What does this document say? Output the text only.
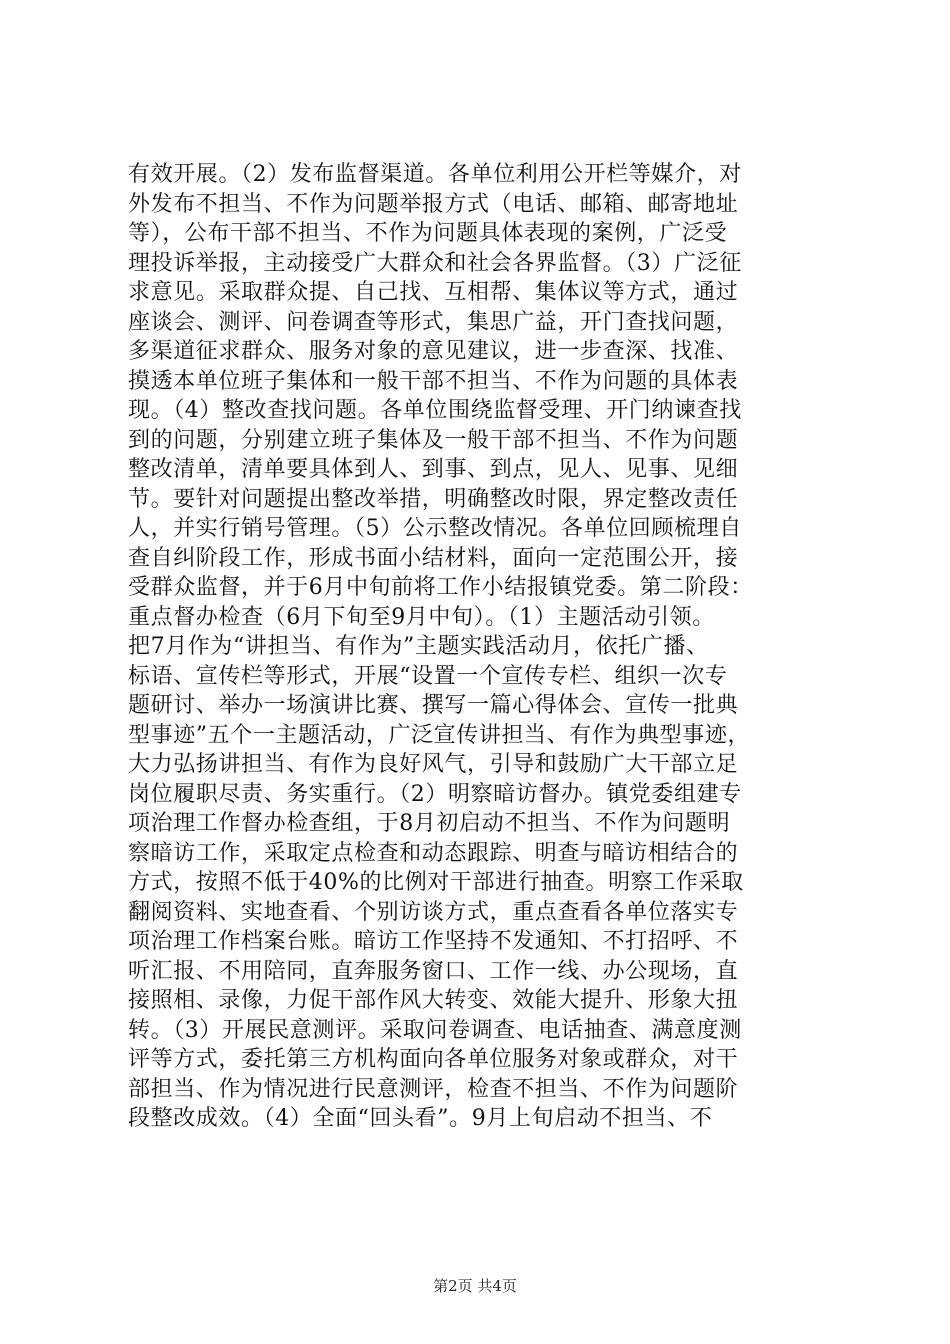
有效开展。（2）发布监督渠道。各单位利用公开栏等媒介，对
外发布不担当、不作为问题举报方式（电话、邮箱、邮寄地址
等），公布干部不担当、不作为问题具体表现的案例，广泛受
理投诉举报，主动接受广大群众和社会各界监督。（3）广泛征
求意见。采取群众提、自己找、互相帮、集体议等方式，通过
座谈会、测评、问卷调查等形式，集思广益，开门查找问题，
多渠道征求群众、服务对象的意见建议，进一步查深、找准、
摸透本单位班子集体和一般干部不担当、不作为问题的具体表
现。（4）整改查找问题。各单位围绕监督受理、开门纳谏查找
到的问题，分别建立班子集体及一般干部不担当、不作为问题
整改清单，清单要具体到人、到事、到点，见人、见事、见细
节。要针对问题提出整改举措，明确整改时限，界定整改责任
人，并实行销号管理。（5）公示整改情况。各单位回顾梳理自
查自纠阶段工作，形成书面小结材料，面向一定范围公开，接
受群众监督，并于6月中旬前将工作小结报镇党委。第二阶段：
重点督办检查（6月下旬至9月中旬）。（1）主题活动引领。
把7月作为“讲担当、有作为”主题实践活动月，依托广播、
标语、宣传栏等形式，开展“设置一个宣传专栏、组织一次专
题研讨、举办一场演讲比赛、撰写一篇心得体会、宣传一批典
型事迹”五个一主题活动，广泛宣传讲担当、有作为典型事迹，
大力弘扬讲担当、有作为良好风气，引导和鼓励广大干部立足
岗位履职尽责、务实重行。（2）明察暗访督办。镇党委组建专
项治理工作督办检查组，于8月初启动不担当、不作为问题明
察暗访工作，采取定点检查和动态跟踪、明查与暗访相结合的
方式，按照不低于40%的比例对干部进行抽查。明察工作采取
翻阅资料、实地查看、个别访谈方式，重点查看各单位落实专
项治理工作档案台账。暗访工作坚持不发通知、不打招呼、不
听汇报、不用陪同，直奔服务窗口、工作一线、办公现场，直
接照相、录像，力促干部作风大转变、效能大提升、形象大扭
转。（3）开展民意测评。采取问卷调查、电话抽查、满意度测
评等方式，委托第三方机构面向各单位服务对象或群众，对干
部担当、作为情况进行民意测评，检查不担当、不作为问题阶
段整改成效。（4）全面“回头看”。9月上旬启动不担当、不
第2页 共4页
